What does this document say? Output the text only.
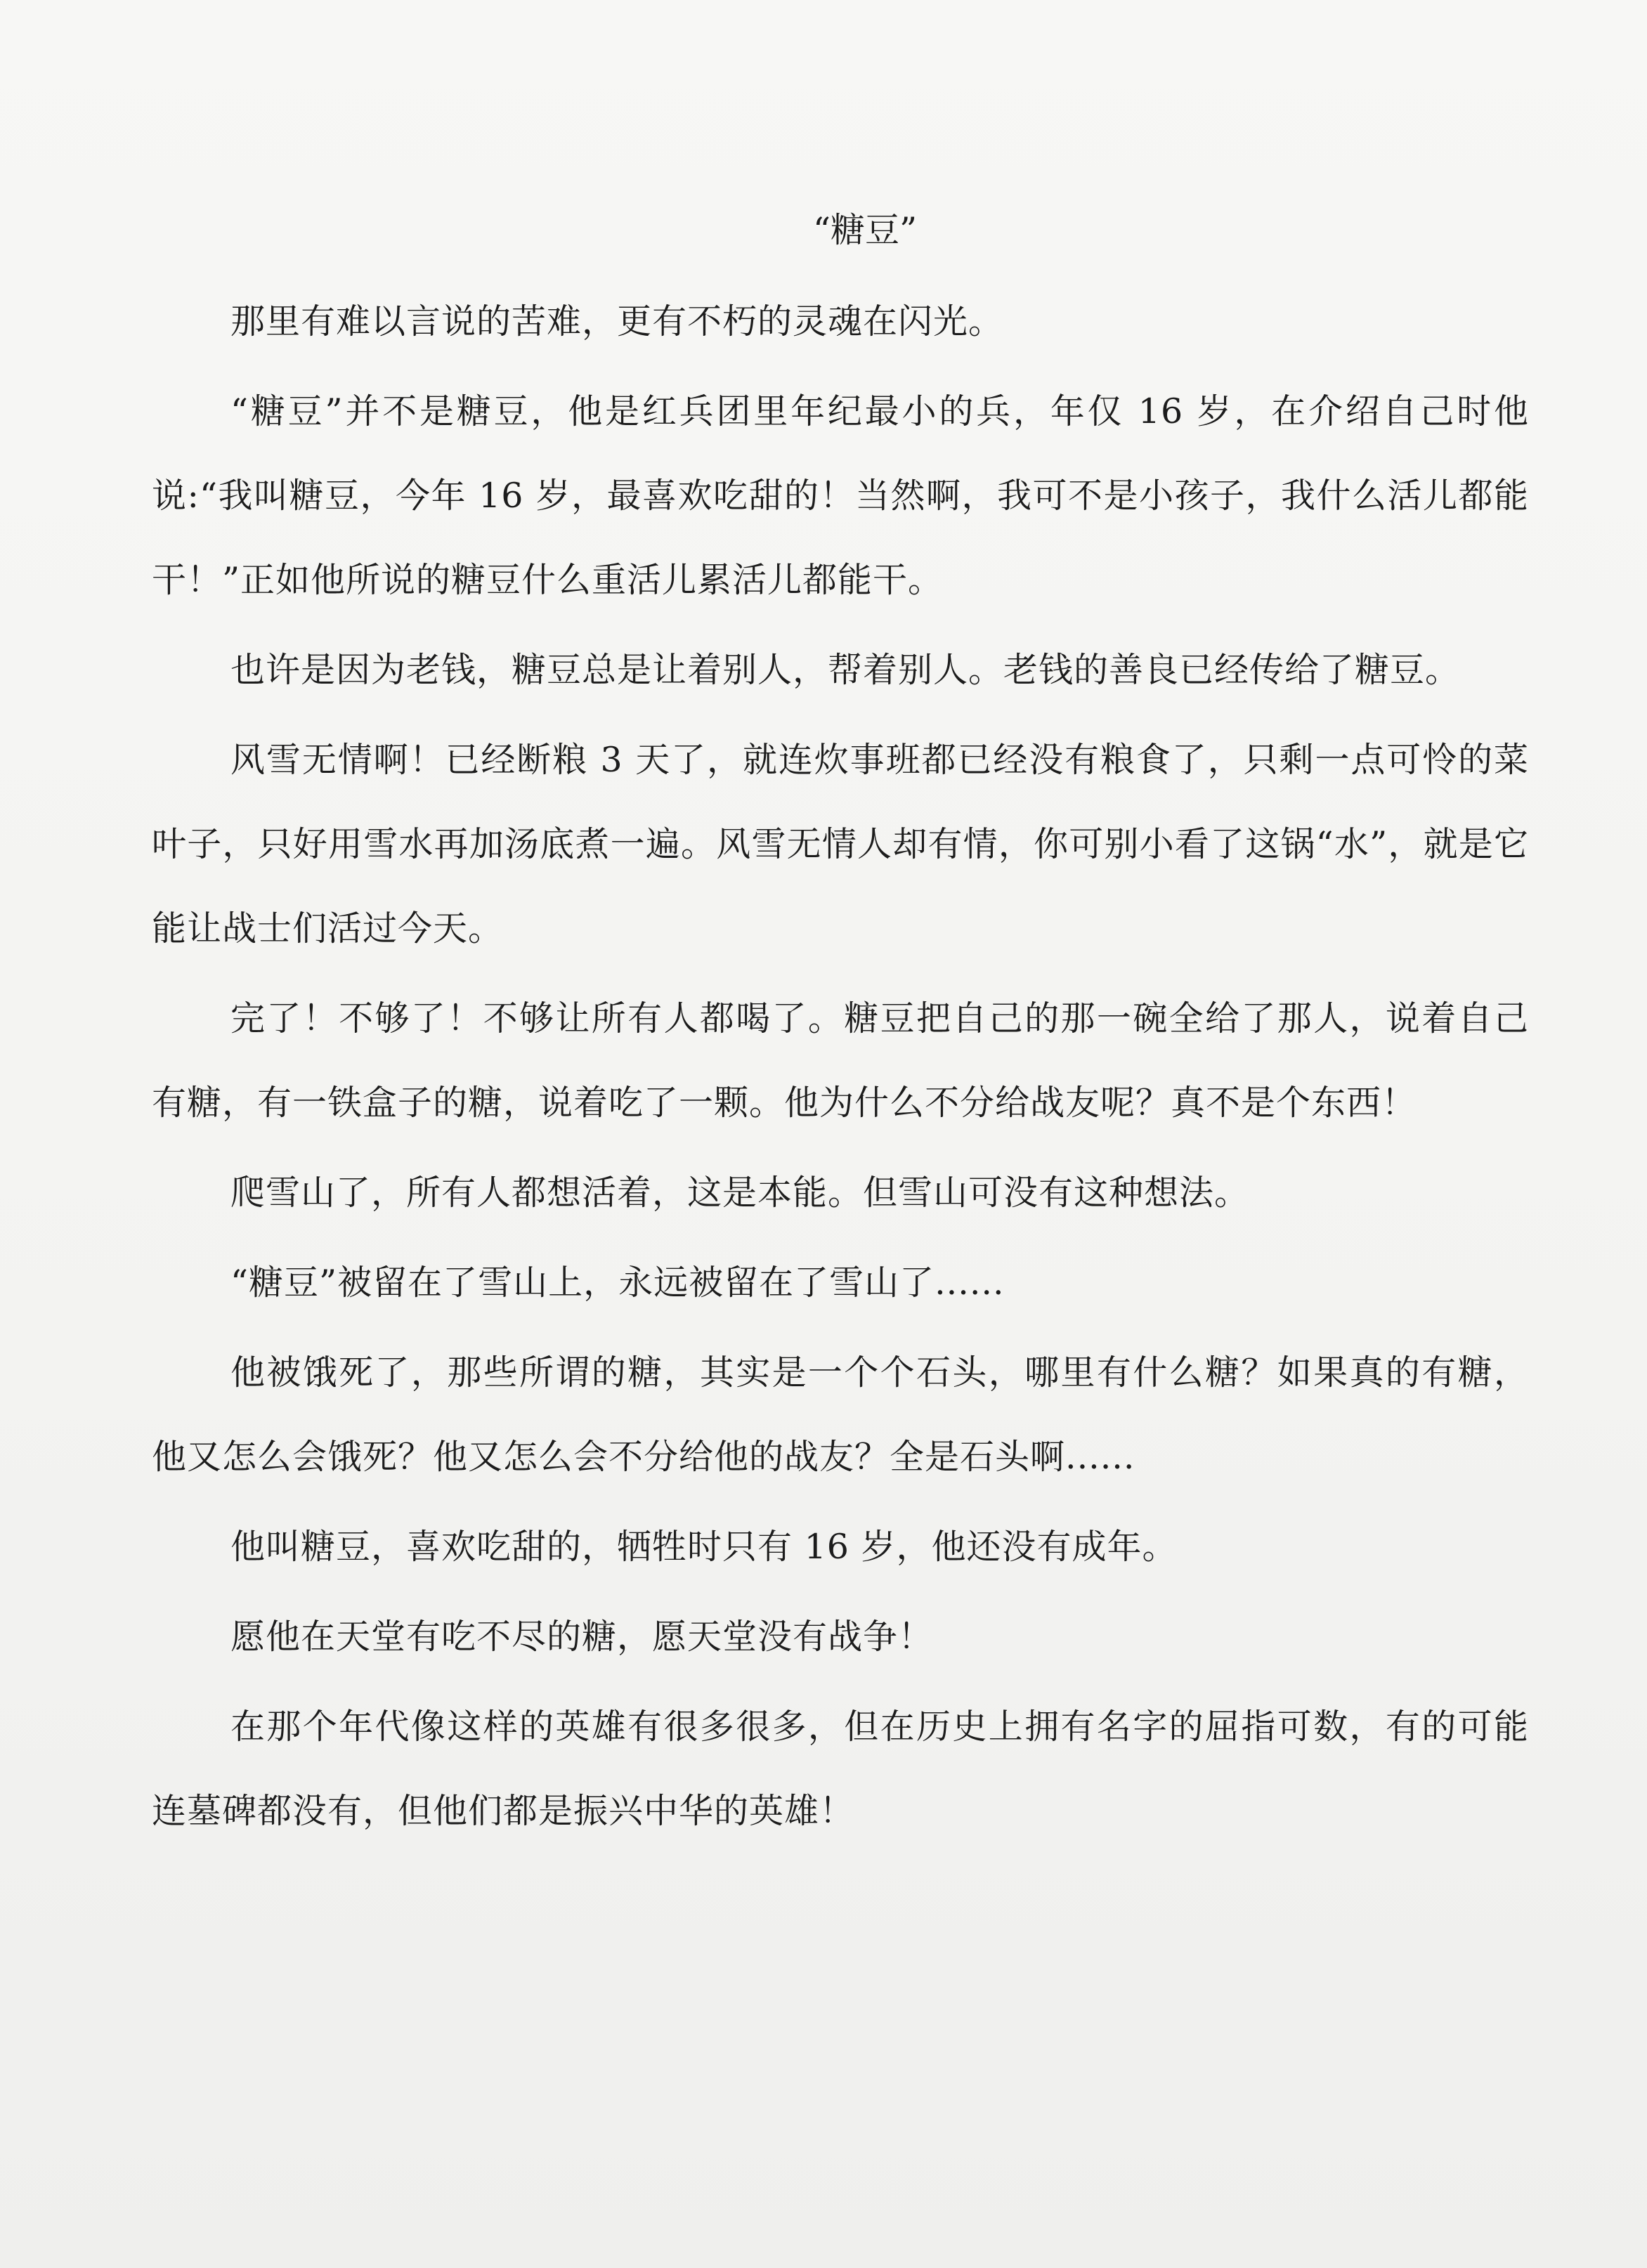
“糖豆”

那里有难以言说的苦难，更有不朽的灵魂在闪光。

“糖豆”并不是糖豆，他是红兵团里年纪最小的兵，年仅 16 岁，在介绍自己时他说:“我叫糖豆，今年 16 岁，最喜欢吃甜的！当然啊，我可不是小孩子，我什么活儿都能干！”正如他所说的糖豆什么重活儿累活儿都能干。

也许是因为老钱，糖豆总是让着别人，帮着别人。老钱的善良已经传给了糖豆。

风雪无情啊！已经断粮 3 天了，就连炊事班都已经没有粮食了，只剩一点可怜的菜叶子，只好用雪水再加汤底煮一遍。风雪无情人却有情，你可别小看了这锅“水”，就是它能让战士们活过今天。

完了！不够了！不够让所有人都喝了。糖豆把自己的那一碗全给了那人，说着自己有糖，有一铁盒子的糖，说着吃了一颗。他为什么不分给战友呢？真不是个东西！

爬雪山了，所有人都想活着，这是本能。但雪山可没有这种想法。

“糖豆”被留在了雪山上，永远被留在了雪山了......

他被饿死了，那些所谓的糖，其实是一个个石头，哪里有什么糖？如果真的有糖，他又怎么会饿死？他又怎么会不分给他的战友？全是石头啊......

他叫糖豆，喜欢吃甜的，牺牲时只有 16 岁，他还没有成年。

愿他在天堂有吃不尽的糖，愿天堂没有战争！

在那个年代像这样的英雄有很多很多，但在历史上拥有名字的屈指可数，有的可能连墓碑都没有，但他们都是振兴中华的英雄！
